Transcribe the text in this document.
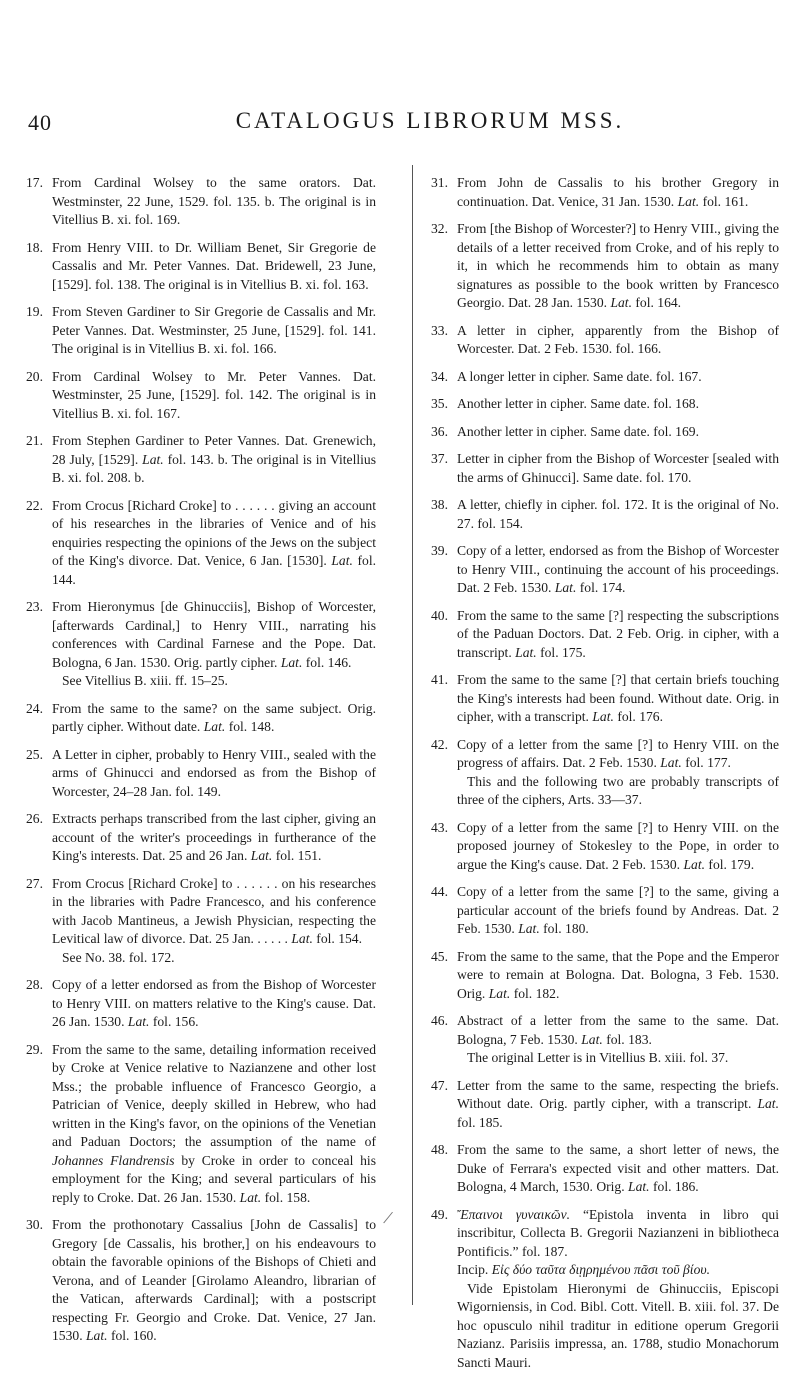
40	CATALOGUS LIBRORUM MSS.
17. From Cardinal Wolsey to the same orators. Dat. Westminster, 22 June, 1529. fol. 135. b. The original is in Vitellius B. xi. fol. 169.
18. From Henry VIII. to Dr. William Benet, Sir Gregorie de Cassalis and Mr. Peter Vannes. Dat. Bridewell, 23 June, [1529]. fol. 138. The original is in Vitellius B. xi. fol. 163.
19. From Steven Gardiner to Sir Gregorie de Cassalis and Mr. Peter Vannes. Dat. Westminster, 25 June, [1529]. fol. 141. The original is in Vitellius B. xi. fol. 166.
20. From Cardinal Wolsey to Mr. Peter Vannes. Dat. Westminster, 25 June, [1529]. fol. 142. The original is in Vitellius B. xi. fol. 167.
21. From Stephen Gardiner to Peter Vannes. Dat. Grenewich, 28 July, [1529]. Lat. fol. 143. b. The original is in Vitellius B. xi. fol. 208. b.
22. From Crocus [Richard Croke] to . . . . . . giving an account of his researches in the libraries of Venice and of his enquiries respecting the opinions of the Jews on the subject of the King's divorce. Dat. Venice, 6 Jan. [1530]. Lat. fol. 144.
23. From Hieronymus [de Ghinucciis], Bishop of Worcester, [afterwards Cardinal,] to Henry VIII., narrating his conferences with Cardinal Farnese and the Pope. Dat. Bologna, 6 Jan. 1530. Orig. partly cipher. Lat. fol. 146.
See Vitellius B. xiii. ff. 15–25.
24. From the same to the same? on the same subject. Orig. partly cipher. Without date. Lat. fol. 148.
25. A Letter in cipher, probably to Henry VIII., sealed with the arms of Ghinucci and endorsed as from the Bishop of Worcester, 24–28 Jan. fol. 149.
26. Extracts perhaps transcribed from the last cipher, giving an account of the writer's proceedings in furtherance of the King's interests. Dat. 25 and 26 Jan. Lat. fol. 151.
27. From Crocus [Richard Croke] to . . . . . . on his researches in the libraries with Padre Francesco, and his conference with Jacob Mantineus, a Jewish Physician, respecting the Levitical law of divorce. Dat. 25 Jan. . . . . . Lat. fol. 154.
See No. 38. fol. 172.
28. Copy of a letter endorsed as from the Bishop of Worcester to Henry VIII. on matters relative to the King's cause. Dat. 26 Jan. 1530. Lat. fol. 156.
29. From the same to the same, detailing information received by Croke at Venice relative to Nazianzene and other lost Mss.; the probable influence of Francesco Georgio, a Patrician of Venice, deeply skilled in Hebrew, who had written in the King's favor, on the opinions of the Venetian and Paduan Doctors; the assumption of the name of Johannes Flandrensis by Croke in order to conceal his employment for the King; and several particulars of his reply to Croke. Dat. 26 Jan. 1530. Lat. fol. 158.
30. From the prothonotary Cassalius [John de Cassalis] to Gregory [de Cassalis, his brother,] on his endeavours to obtain the favorable opinions of the Bishops of Chieti and Verona, and of Leander [Girolamo Aleandro, librarian of the Vatican, afterwards Cardinal]; with a postscript respecting Fr. Georgio and Croke. Dat. Venice, 27 Jan. 1530. Lat. fol. 160.
31. From John de Cassalis to his brother Gregory in continuation. Dat. Venice, 31 Jan. 1530. Lat. fol. 161.
32. From [the Bishop of Worcester?] to Henry VIII., giving the details of a letter received from Croke, and of his reply to it, in which he recommends him to obtain as many signatures as possible to the book written by Francesco Georgio. Dat. 28 Jan. 1530. Lat. fol. 164.
33. A letter in cipher, apparently from the Bishop of Worcester. Dat. 2 Feb. 1530. fol. 166.
34. A longer letter in cipher. Same date. fol. 167.
35. Another letter in cipher. Same date. fol. 168.
36. Another letter in cipher. Same date. fol. 169.
37. Letter in cipher from the Bishop of Worcester [sealed with the arms of Ghinucci]. Same date. fol. 170.
38. A letter, chiefly in cipher. fol. 172. It is the original of No. 27. fol. 154.
39. Copy of a letter, endorsed as from the Bishop of Worcester to Henry VIII., continuing the account of his proceedings. Dat. 2 Feb. 1530. Lat. fol. 174.
40. From the same to the same [?] respecting the subscriptions of the Paduan Doctors. Dat. 2 Feb. Orig. in cipher, with a transcript. Lat. fol. 175.
41. From the same to the same [?] that certain briefs touching the King's interests had been found. Without date. Orig. in cipher, with a transcript. Lat. fol. 176.
42. Copy of a letter from the same [?] to Henry VIII. on the progress of affairs. Dat. 2 Feb. 1530. Lat. fol. 177.
This and the following two are probably transcripts of three of the ciphers, Arts. 33—37.
43. Copy of a letter from the same [?] to Henry VIII. on the proposed journey of Stokesley to the Pope, in order to argue the King's cause. Dat. 2 Feb. 1530. Lat. fol. 179.
44. Copy of a letter from the same [?] to the same, giving a particular account of the briefs found by Andreas. Dat. 2 Feb. 1530. Lat. fol. 180.
45. From the same to the same, that the Pope and the Emperor were to remain at Bologna. Dat. Bologna, 3 Feb. 1530. Orig. Lat. fol. 182.
46. Abstract of a letter from the same to the same. Dat. Bologna, 7 Feb. 1530. Lat. fol. 183.
The original Letter is in Vitellius B. xiii. fol. 37.
47. Letter from the same to the same, respecting the briefs. Without date. Orig. partly cipher, with a transcript. Lat. fol. 185.
48. From the same to the same, a short letter of news, the Duke of Ferrara's expected visit and other matters. Dat. Bologna, 4 March, 1530. Orig. Lat. fol. 186.
49. Ἔπαινοι γυναικῶν. “Epistola inventa in libro qui inscribitur, Collecta B. Gregorii Nazianzeni in bibliotheca Pontificis.” fol. 187.
Incip. Εἰς δύο ταῦτα διῃρημένου πᾶσι τοῦ βίου.
Vide Epistolam Hieronymi de Ghinucciis, Episcopi Wigorniensis, in Cod. Bibl. Cott. Vitell. B. xiii. fol. 37. De hoc opusculo nihil traditur in editione operum Gregorii Nazianz. Parisiis impressa, an. 1788, studio Monachorum Sancti Mauri.
/
